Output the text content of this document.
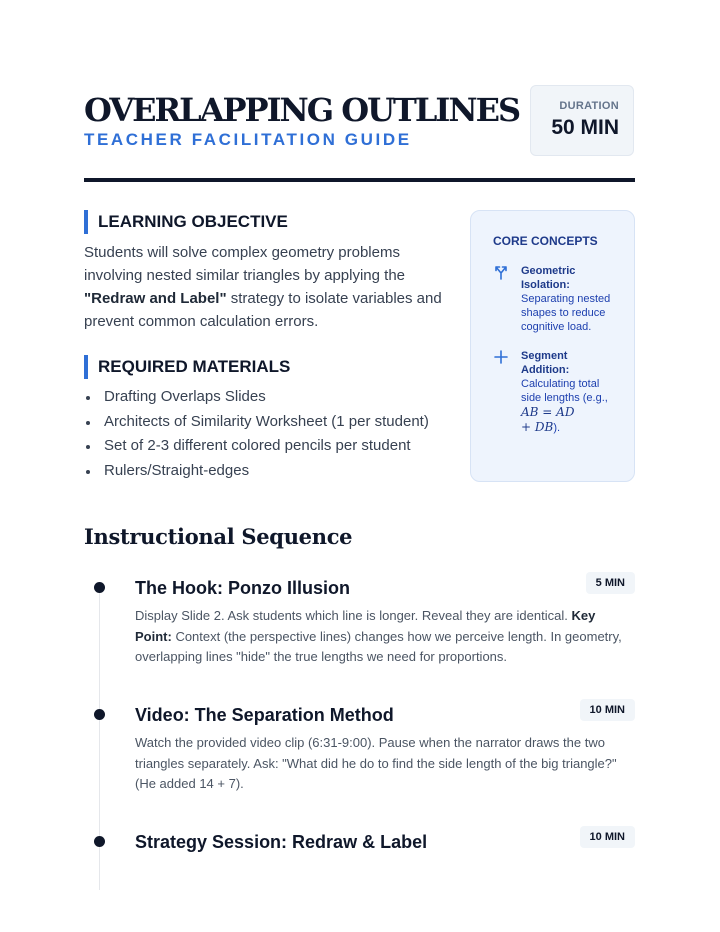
OVERLAPPING OUTLINES
TEACHER FACILITATION GUIDE
DURATION
50 MIN
LEARNING OBJECTIVE

Students will solve complex geometry problems involving nested similar triangles by applying the "Redraw and Label" strategy to isolate variables and prevent common calculation errors.

REQUIRED MATERIALS
Drafting Overlaps Slides
Architects of Similarity Worksheet (1 per student)
Set of 2-3 different colored pencils per student
Rulers/Straight-edges
CORE CONCEPTS
Geometric Isolation:
Separating nested shapes to reduce cognitive load.
Segment Addition:
Calculating total side lengths (e.g.,
AB = AD
+ DB).
Instructional Sequence
The Hook: Ponzo Illusion	5 MIN

Display Slide 2. Ask students which line is longer. Reveal they are identical. Key Point: Context (the perspective lines) changes how we perceive length. In geometry, overlapping lines "hide" the true lengths we need for proportions.

Video: The Separation Method	10 MIN

Watch the provided video clip (6:31-9:00). Pause when the narrator draws the two triangles separately. Ask: "What did he do to find the side length of the big triangle?" (He added 14 + 7).

Strategy Session: Redraw & Label	10 MIN
